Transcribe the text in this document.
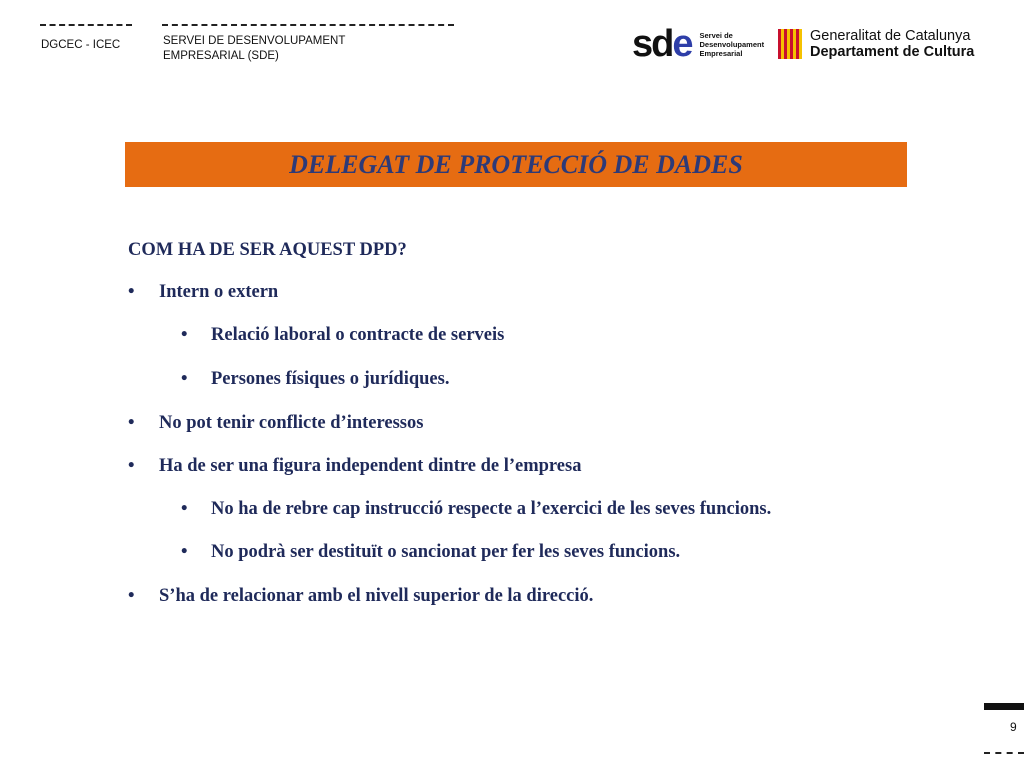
DGCEC - ICEC	SERVEI DE DESENVOLUPAMENT
EMPRESARIAL (SDE)	sde Servei de
Desenvolupament
Empresarial
Generalitat de Catalunya
Departament de Cultura
DELEGAT DE PROTECCIÓ DE DADES
COM HA DE SER AQUEST DPD?
• Intern o extern
• Relació laboral o contracte de serveis
• Persones físiques o jurídiques.
• No pot tenir conflicte d’interessos
• Ha de ser una figura independent dintre de l’empresa
• No ha de rebre cap instrucció respecte a l’exercici de les seves funcions.
• No podrà ser destituït o sancionat per fer les seves funcions.
• S’ha de relacionar amb el nivell superior de la direcció.
9
